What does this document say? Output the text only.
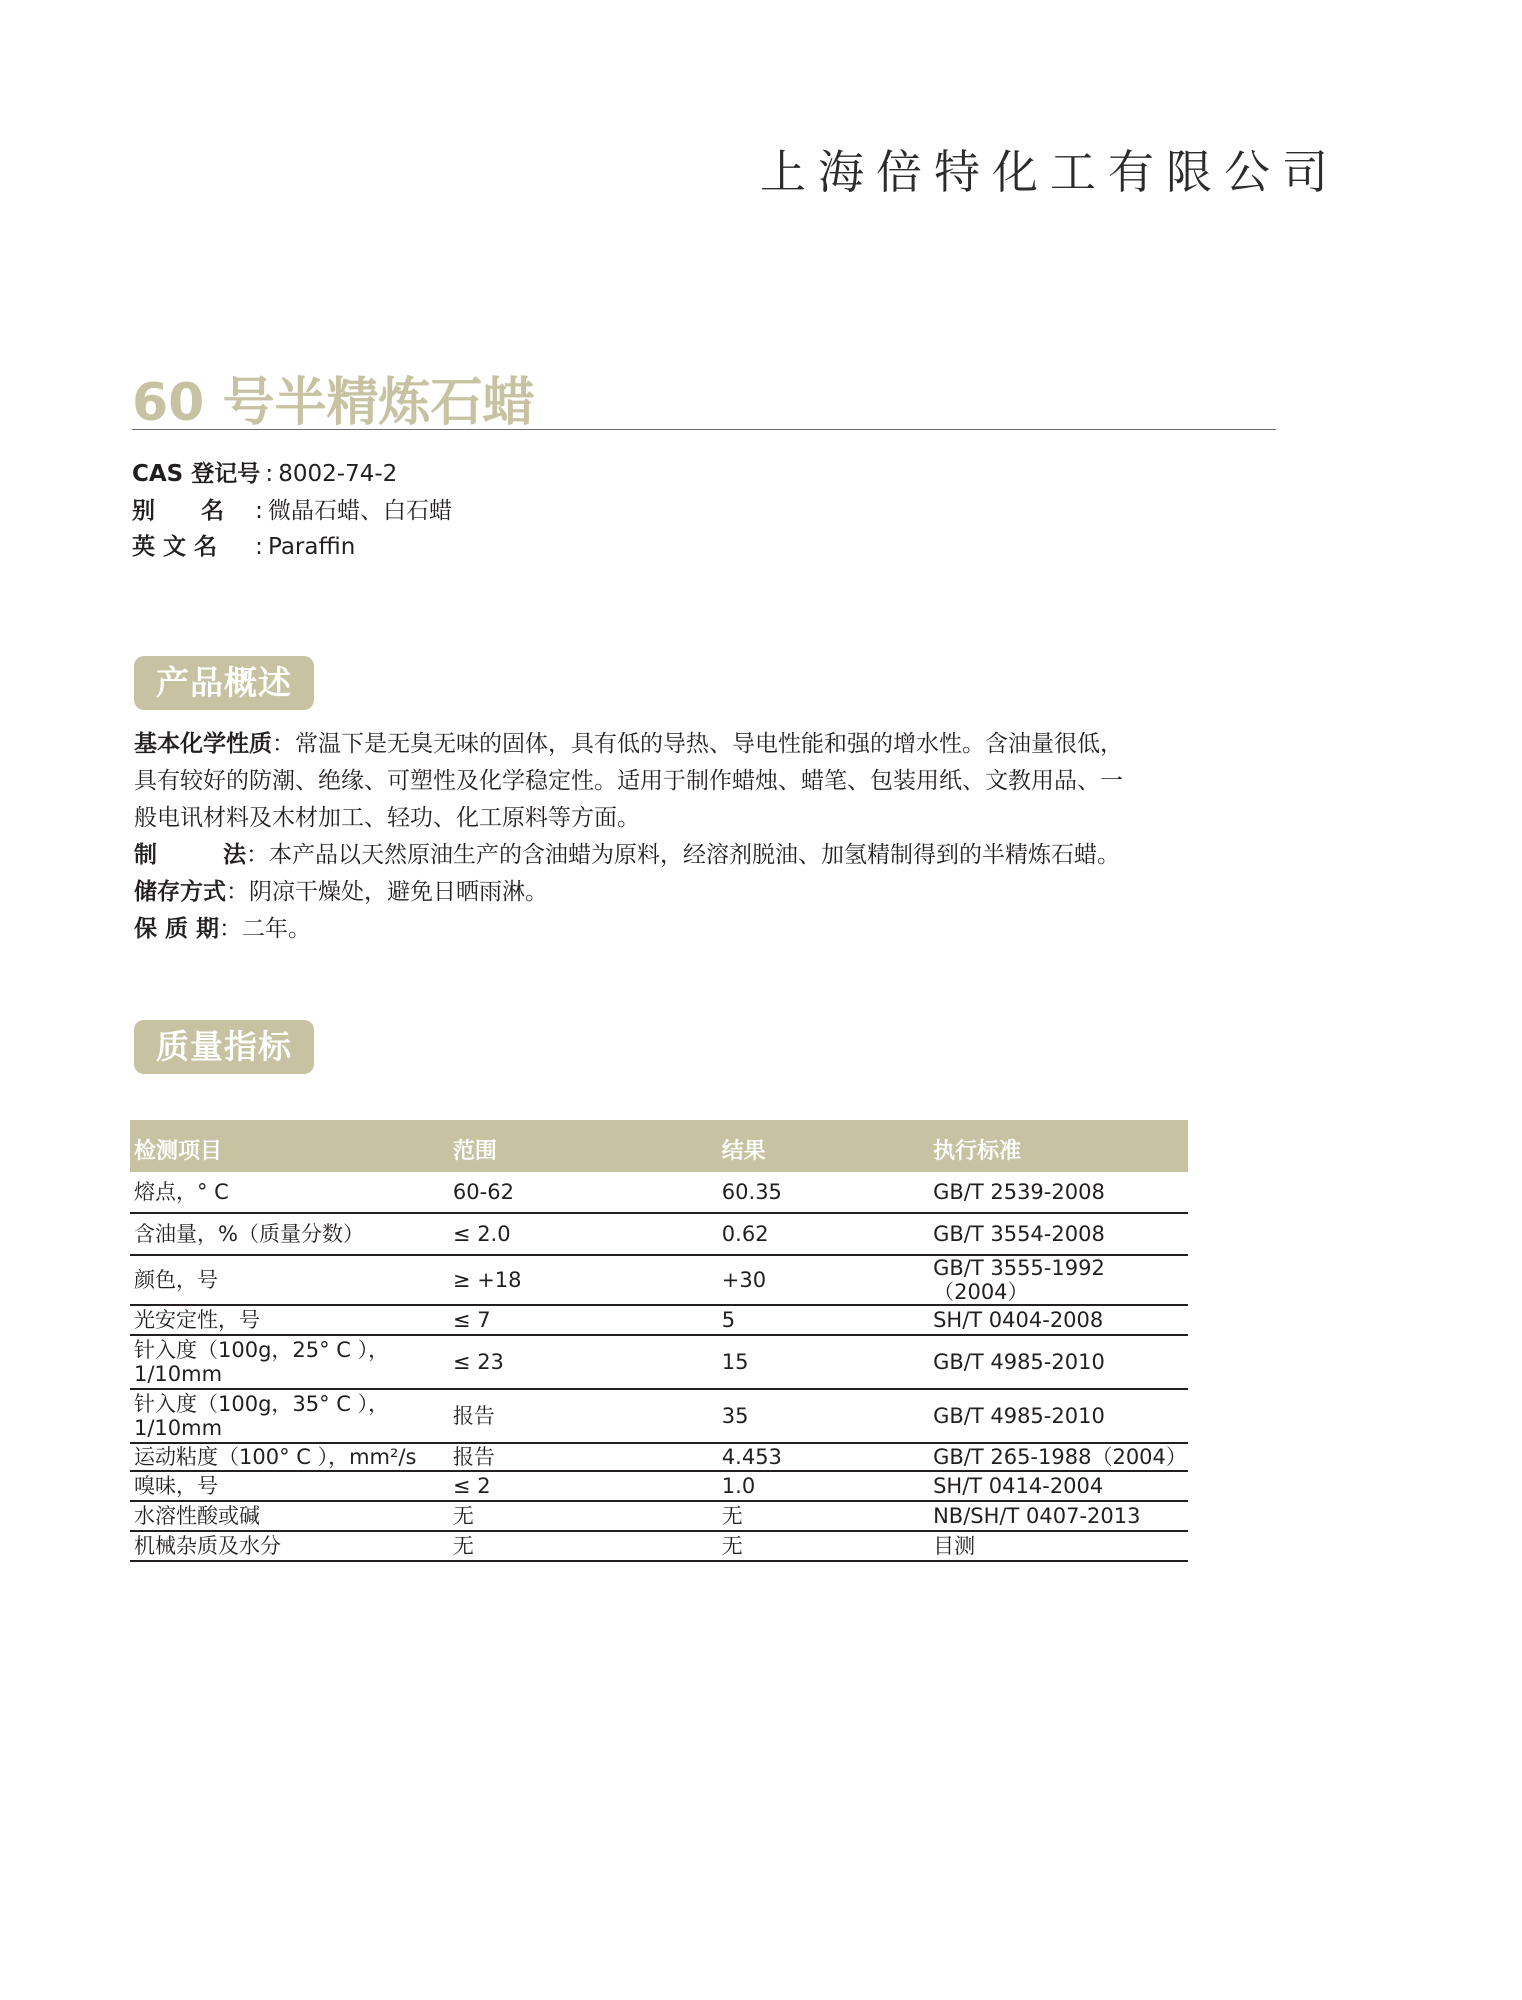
上海倍特化工有限公司
60 号半精炼石蜡
CAS 登记号 : 8002-74-2
别　　名 : 微晶石蜡、白石蜡
英 文 名 : Paraffin
产品概述

基本化学性质：常温下是无臭无味的固体，具有低的导热、导电性能和强的增水性。含油量很低，

具有较好的防潮、绝缘、可塑性及化学稳定性。适用于制作蜡烛、蜡笔、包装用纸、文教用品、一

般电讯材料及木材加工、轻功、化工原料等方面。

制　　法：本产品以天然原油生产的含油蜡为原料，经溶剂脱油、加氢精制得到的半精炼石蜡。

储存方式：阴凉干燥处，避免日晒雨淋。

保 质 期：二年。

质量指标
检测项目	范围	结果	执行标准
熔点，° C	60-62	60.35	GB/T 2539-2008
含油量，%（质量分数）	≤ 2.0	0.62	GB/T 3554-2008
颜色，号	≥ +18	+30	GB/T 3555-1992（2004）
光安定性，号	≤ 7	5	SH/T 0404-2008
针入度（100g，25° C ），1/10mm	≤ 23	15	GB/T 4985-2010
针入度（100g，35° C ），1/10mm	报告	35	GB/T 4985-2010
运动粘度（100° C ），mm²/s	报告	4.453	GB/T 265-1988（2004）
嗅味，号	≤ 2	1.0	SH/T 0414-2004
水溶性酸或碱	无	无	NB/SH/T 0407-2013
机械杂质及水分	无	无	目测
